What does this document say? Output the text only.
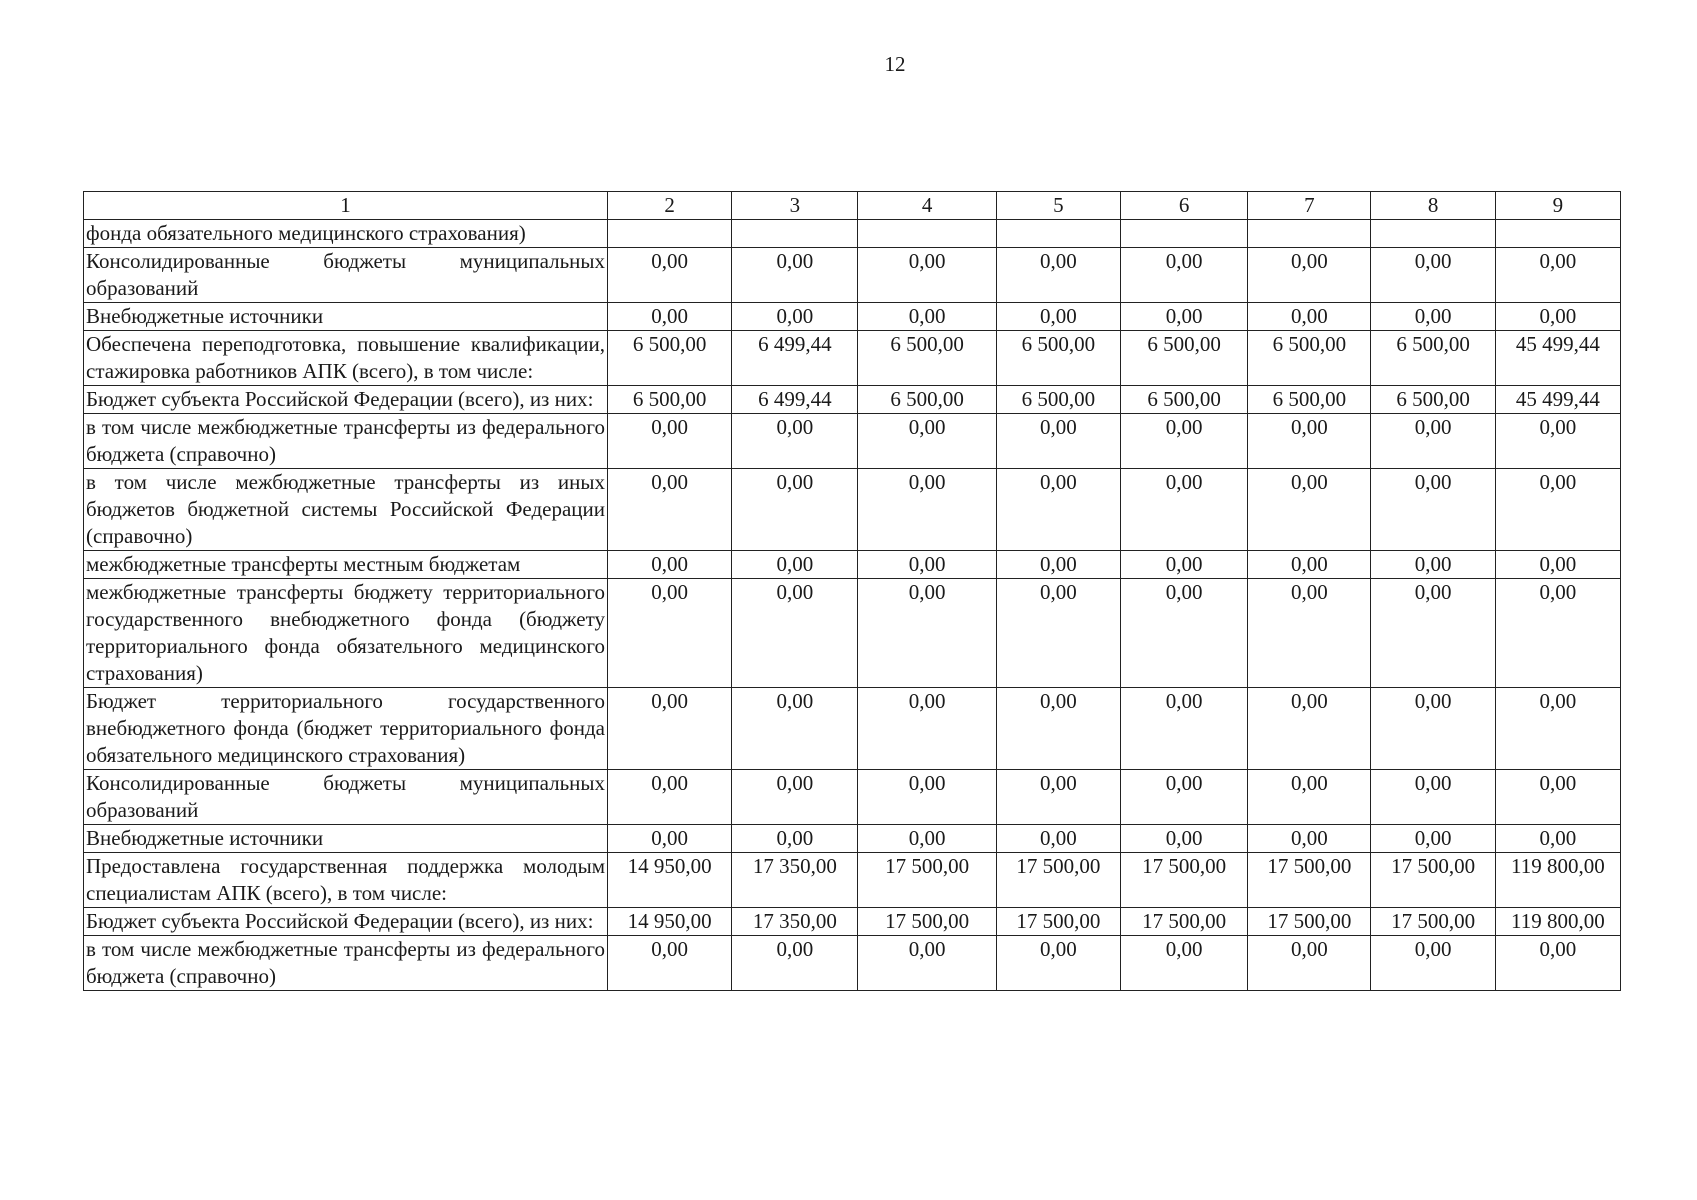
12
1	2	3	4	5	6	7	8	9
фонда обязательного медицинского страхования)								
Консолидированные бюджеты муниципальных образований	0,00	0,00	0,00	0,00	0,00	0,00	0,00	0,00
Внебюджетные источники	0,00	0,00	0,00	0,00	0,00	0,00	0,00	0,00
Обеспечена переподготовка, повышение квалификации, стажировка работников АПК (всего), в том числе:	6 500,00	6 499,44	6 500,00	6 500,00	6 500,00	6 500,00	6 500,00	45 499,44
Бюджет субъекта Российской Федерации (всего), из них:	6 500,00	6 499,44	6 500,00	6 500,00	6 500,00	6 500,00	6 500,00	45 499,44
в том числе межбюджетные трансферты из федерального бюджета (справочно)	0,00	0,00	0,00	0,00	0,00	0,00	0,00	0,00
в том числе межбюджетные трансферты из иных бюджетов бюджетной системы Российской Федерации (справочно)	0,00	0,00	0,00	0,00	0,00	0,00	0,00	0,00
межбюджетные трансферты местным бюджетам	0,00	0,00	0,00	0,00	0,00	0,00	0,00	0,00
межбюджетные трансферты бюджету территориального государственного внебюджетного фонда (бюджету территориального фонда обязательного медицинского страхования)	0,00	0,00	0,00	0,00	0,00	0,00	0,00	0,00
Бюджет территориального государственного внебюджетного фонда (бюджет территориального фонда обязательного медицинского страхования)	0,00	0,00	0,00	0,00	0,00	0,00	0,00	0,00
Консолидированные бюджеты муниципальных образований	0,00	0,00	0,00	0,00	0,00	0,00	0,00	0,00
Внебюджетные источники	0,00	0,00	0,00	0,00	0,00	0,00	0,00	0,00
Предоставлена государственная поддержка молодым специалистам АПК (всего), в том числе:	14 950,00	17 350,00	17 500,00	17 500,00	17 500,00	17 500,00	17 500,00	119 800,00
Бюджет субъекта Российской Федерации (всего), из них:	14 950,00	17 350,00	17 500,00	17 500,00	17 500,00	17 500,00	17 500,00	119 800,00
в том числе межбюджетные трансферты из федерального бюджета (справочно)	0,00	0,00	0,00	0,00	0,00	0,00	0,00	0,00
